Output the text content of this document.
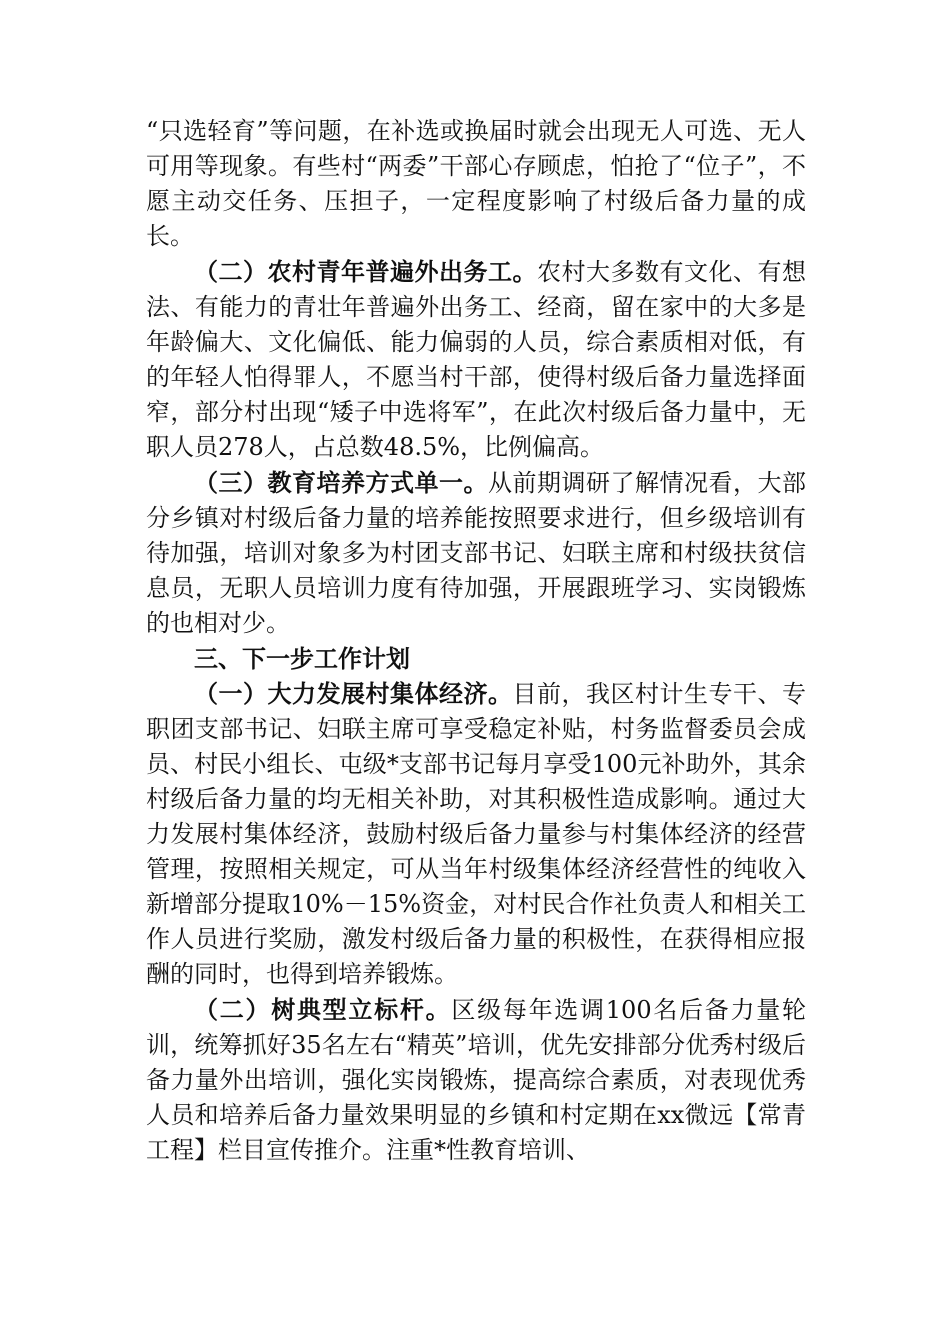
“只选轻育”等问题，在补选或换届时就会出现无人可选、无人可用等现象。有些村“两委”干部心存顾虑，怕抢了“位子”，不愿主动交任务、压担子，一定程度影响了村级后备力量的成长。

（二）农村青年普遍外出务工。农村大多数有文化、有想法、有能力的青壮年普遍外出务工、经商，留在家中的大多是年龄偏大、文化偏低、能力偏弱的人员，综合素质相对低，有的年轻人怕得罪人，不愿当村干部，使得村级后备力量选择面窄，部分村出现“矮子中选将军”，在此次村级后备力量中，无职人员278人，占总数48.5%，比例偏高。

（三）教育培养方式单一。从前期调研了解情况看，大部分乡镇对村级后备力量的培养能按照要求进行，但乡级培训有待加强，培训对象多为村团支部书记、妇联主席和村级扶贫信息员，无职人员培训力度有待加强，开展跟班学习、实岗锻炼的也相对少。

三、下一步工作计划

（一）大力发展村集体经济。目前，我区村计生专干、专职团支部书记、妇联主席可享受稳定补贴，村务监督委员会成员、村民小组长、屯级*支部书记每月享受100元补助外，其余村级后备力量的均无相关补助，对其积极性造成影响。通过大力发展村集体经济，鼓励村级后备力量参与村集体经济的经营管理，按照相关规定，可从当年村级集体经济经营性的纯收入新增部分提取10%－15%资金，对村民合作社负责人和相关工作人员进行奖励，激发村级后备力量的积极性，在获得相应报酬的同时，也得到培养锻炼。

（二）树典型立标杆。区级每年选调100名后备力量轮训，统筹抓好35名左右“精英”培训，优先安排部分优秀村级后备力量外出培训，强化实岗锻炼，提高综合素质，对表现优秀人员和培养后备力量效果明显的乡镇和村定期在xx微远【常青工程】栏目宣传推介。注重*性教育培训、
